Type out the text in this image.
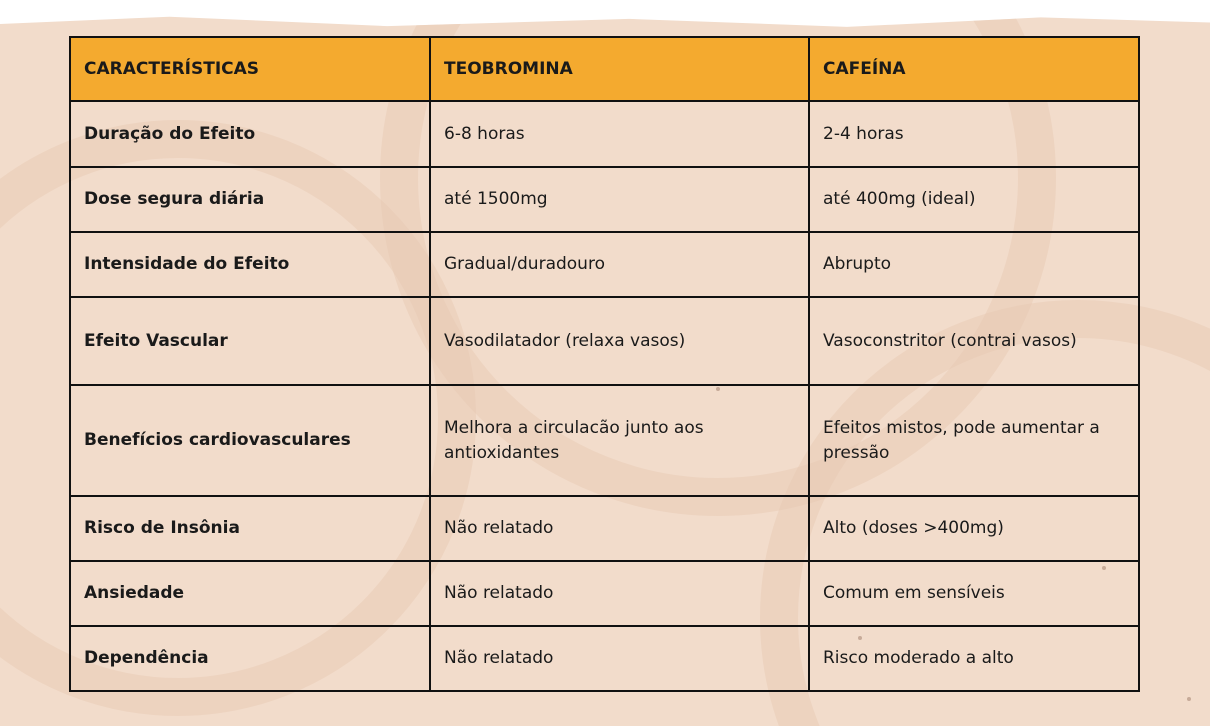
CARACTERÍSTICAS	TEOBROMINA	CAFEÍNA
Duração do Efeito	6-8 horas	2-4 horas
Dose segura diária	até 1500mg	até 400mg (ideal)
Intensidade do Efeito	Gradual/duradouro	Abrupto
Efeito Vascular	Vasodilatador (relaxa vasos)	Vasoconstritor (contrai vasos)
Benefícios cardiovasculares	Melhora a circulacão junto aos antioxidantes	Efeitos mistos, pode aumentar a pressão
Risco de Insônia	Não relatado	Alto (doses >400mg)
Ansiedade	Não relatado	Comum em sensíveis
Dependência	Não relatado	Risco moderado a alto
